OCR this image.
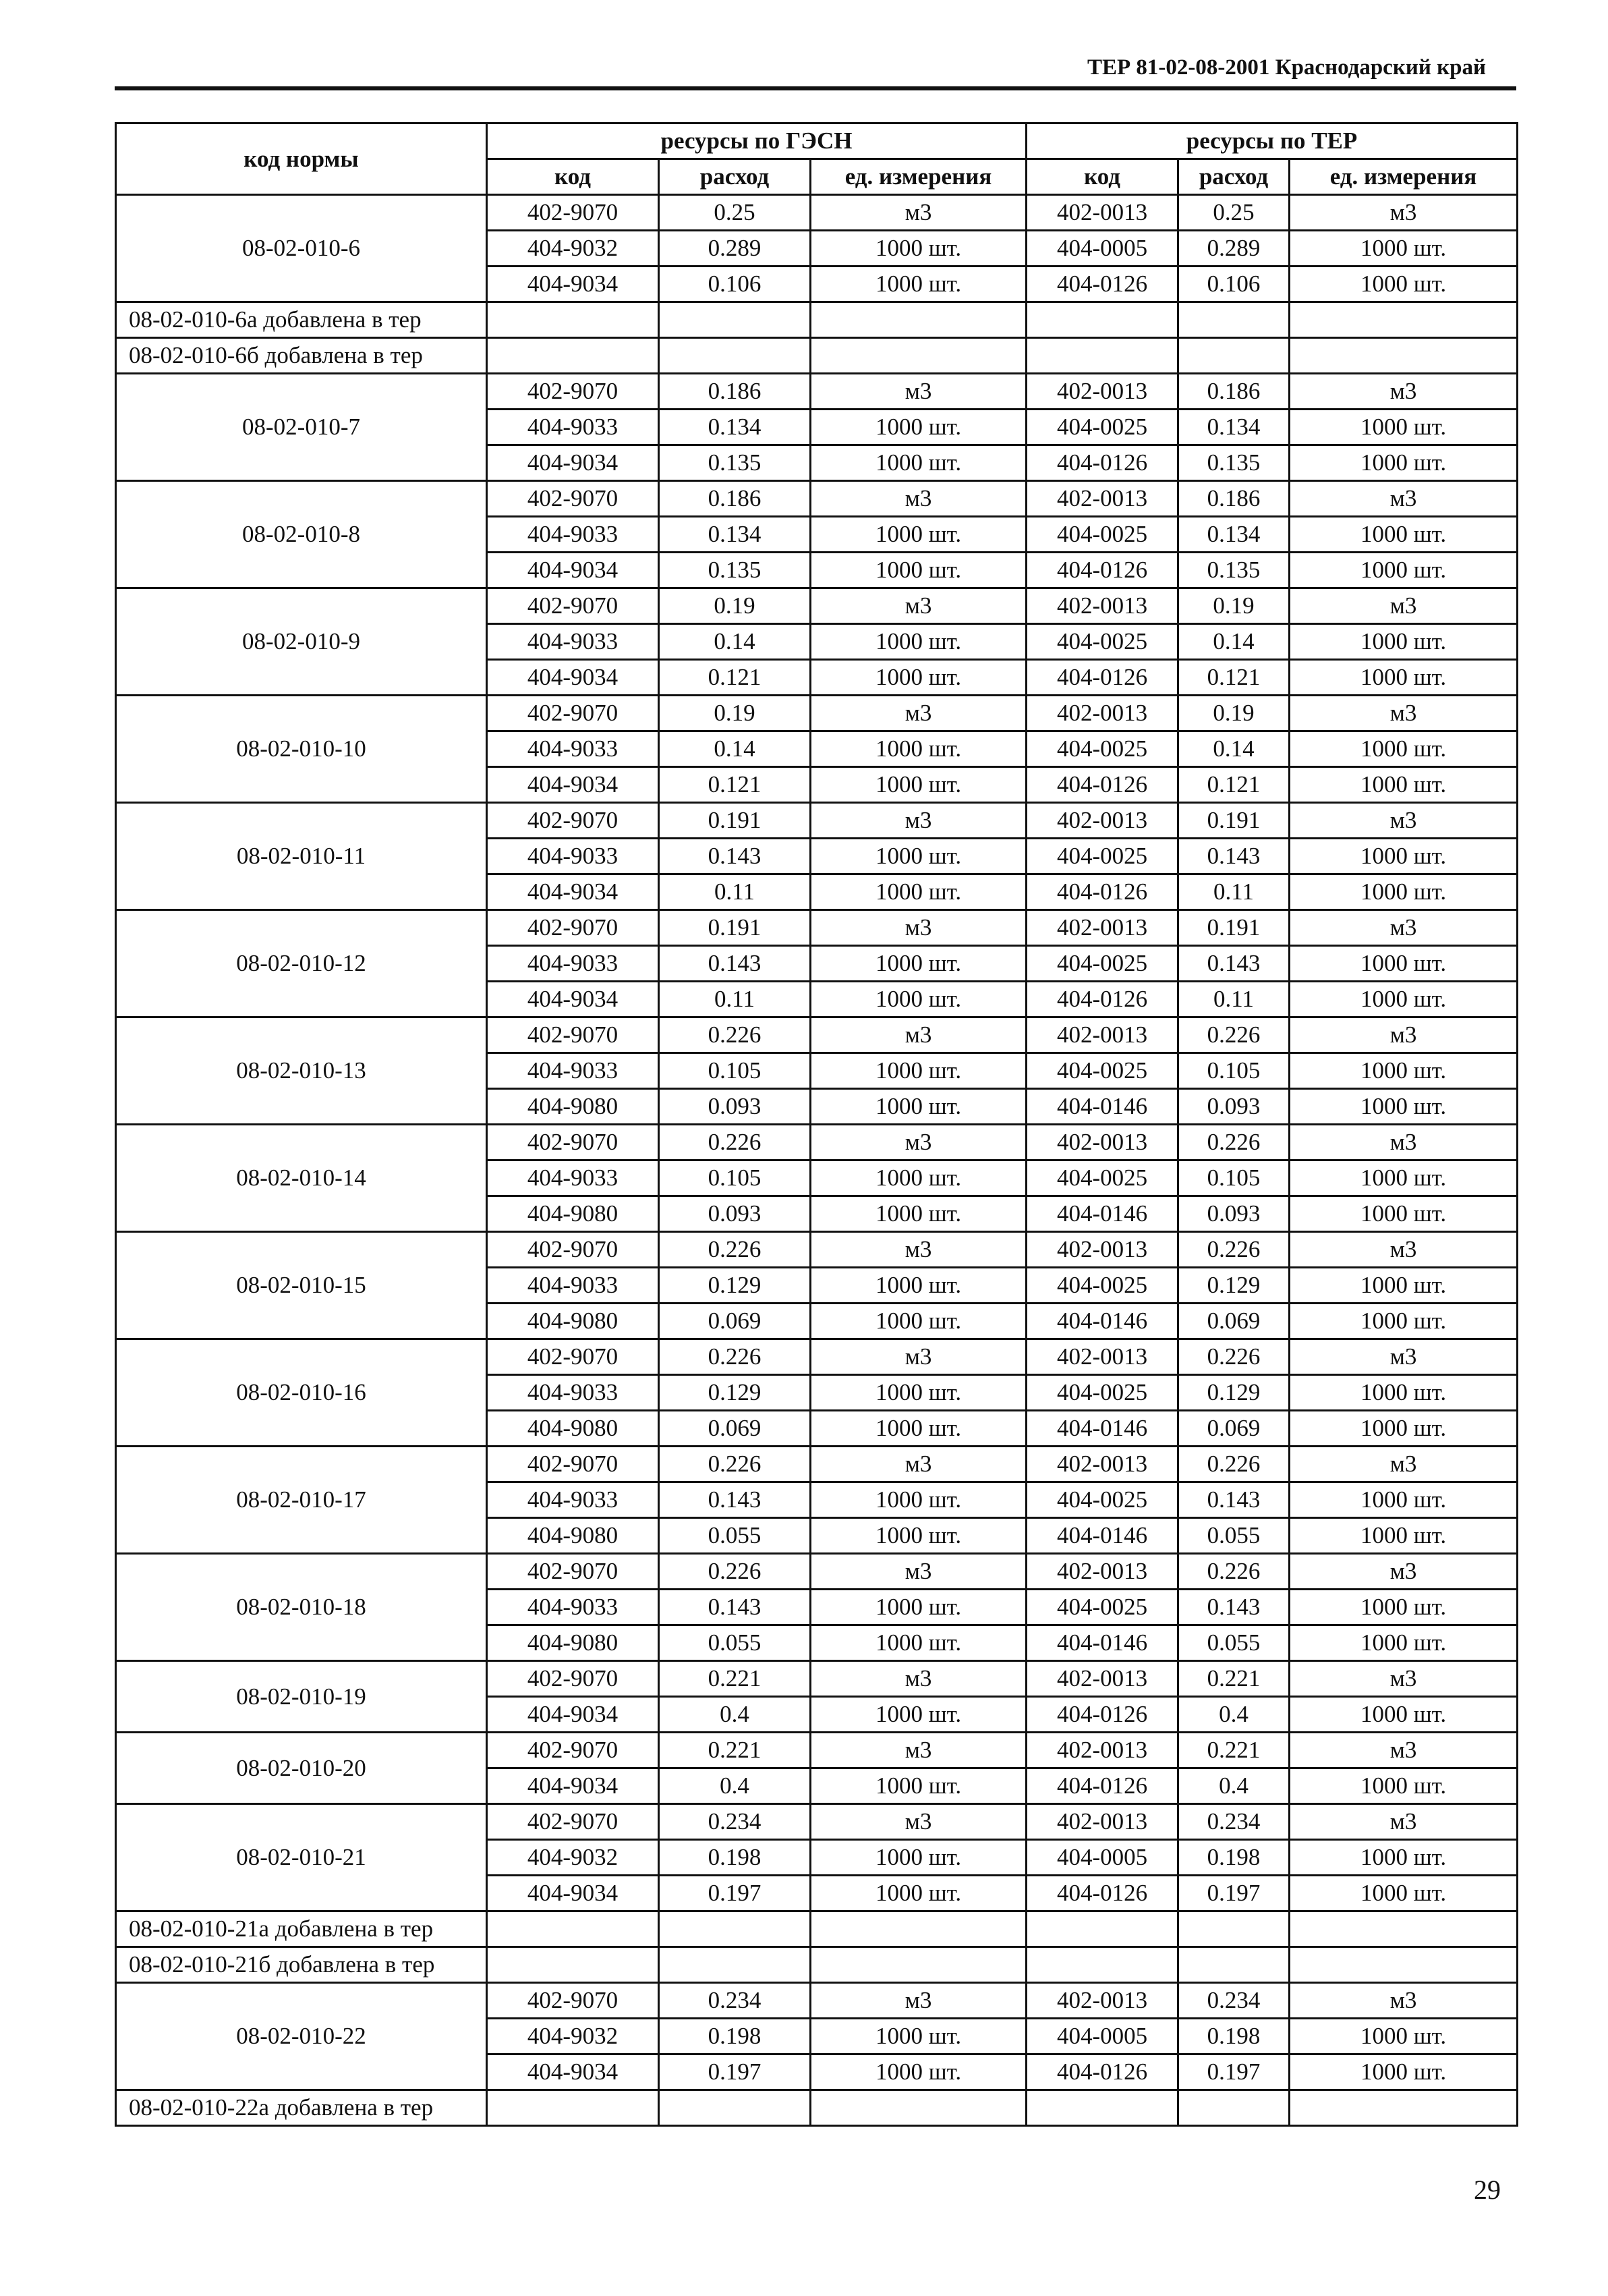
ТЕР 81-02-08-2001 Краснодарский край
код нормы	ресурсы по ГЭСН			ресурсы по ТЕР		
	код	расход	ед. измерения	код	расход	ед. измерения
08-02-010-6	402-9070	0.25	м3	402-0013	0.25	м3
	404-9032	0.289	1000 шт.	404-0005	0.289	1000 шт.
	404-9034	0.106	1000 шт.	404-0126	0.106	1000 шт.
08-02-010-6а добавлена в тер						
08-02-010-6б добавлена в тер						
08-02-010-7	402-9070	0.186	м3	402-0013	0.186	м3
	404-9033	0.134	1000 шт.	404-0025	0.134	1000 шт.
	404-9034	0.135	1000 шт.	404-0126	0.135	1000 шт.
08-02-010-8	402-9070	0.186	м3	402-0013	0.186	м3
	404-9033	0.134	1000 шт.	404-0025	0.134	1000 шт.
	404-9034	0.135	1000 шт.	404-0126	0.135	1000 шт.
08-02-010-9	402-9070	0.19	м3	402-0013	0.19	м3
	404-9033	0.14	1000 шт.	404-0025	0.14	1000 шт.
	404-9034	0.121	1000 шт.	404-0126	0.121	1000 шт.
08-02-010-10	402-9070	0.19	м3	402-0013	0.19	м3
	404-9033	0.14	1000 шт.	404-0025	0.14	1000 шт.
	404-9034	0.121	1000 шт.	404-0126	0.121	1000 шт.
08-02-010-11	402-9070	0.191	м3	402-0013	0.191	м3
	404-9033	0.143	1000 шт.	404-0025	0.143	1000 шт.
	404-9034	0.11	1000 шт.	404-0126	0.11	1000 шт.
08-02-010-12	402-9070	0.191	м3	402-0013	0.191	м3
	404-9033	0.143	1000 шт.	404-0025	0.143	1000 шт.
	404-9034	0.11	1000 шт.	404-0126	0.11	1000 шт.
08-02-010-13	402-9070	0.226	м3	402-0013	0.226	м3
	404-9033	0.105	1000 шт.	404-0025	0.105	1000 шт.
	404-9080	0.093	1000 шт.	404-0146	0.093	1000 шт.
08-02-010-14	402-9070	0.226	м3	402-0013	0.226	м3
	404-9033	0.105	1000 шт.	404-0025	0.105	1000 шт.
	404-9080	0.093	1000 шт.	404-0146	0.093	1000 шт.
08-02-010-15	402-9070	0.226	м3	402-0013	0.226	м3
	404-9033	0.129	1000 шт.	404-0025	0.129	1000 шт.
	404-9080	0.069	1000 шт.	404-0146	0.069	1000 шт.
08-02-010-16	402-9070	0.226	м3	402-0013	0.226	м3
	404-9033	0.129	1000 шт.	404-0025	0.129	1000 шт.
	404-9080	0.069	1000 шт.	404-0146	0.069	1000 шт.
08-02-010-17	402-9070	0.226	м3	402-0013	0.226	м3
	404-9033	0.143	1000 шт.	404-0025	0.143	1000 шт.
	404-9080	0.055	1000 шт.	404-0146	0.055	1000 шт.
08-02-010-18	402-9070	0.226	м3	402-0013	0.226	м3
	404-9033	0.143	1000 шт.	404-0025	0.143	1000 шт.
	404-9080	0.055	1000 шт.	404-0146	0.055	1000 шт.
08-02-010-19	402-9070	0.221	м3	402-0013	0.221	м3
	404-9034	0.4	1000 шт.	404-0126	0.4	1000 шт.
08-02-010-20	402-9070	0.221	м3	402-0013	0.221	м3
	404-9034	0.4	1000 шт.	404-0126	0.4	1000 шт.
08-02-010-21	402-9070	0.234	м3	402-0013	0.234	м3
	404-9032	0.198	1000 шт.	404-0005	0.198	1000 шт.
	404-9034	0.197	1000 шт.	404-0126	0.197	1000 шт.
08-02-010-21а добавлена в тер						
08-02-010-21б добавлена в тер						
08-02-010-22	402-9070	0.234	м3	402-0013	0.234	м3
	404-9032	0.198	1000 шт.	404-0005	0.198	1000 шт.
	404-9034	0.197	1000 шт.	404-0126	0.197	1000 шт.
08-02-010-22а добавлена в тер						
29
